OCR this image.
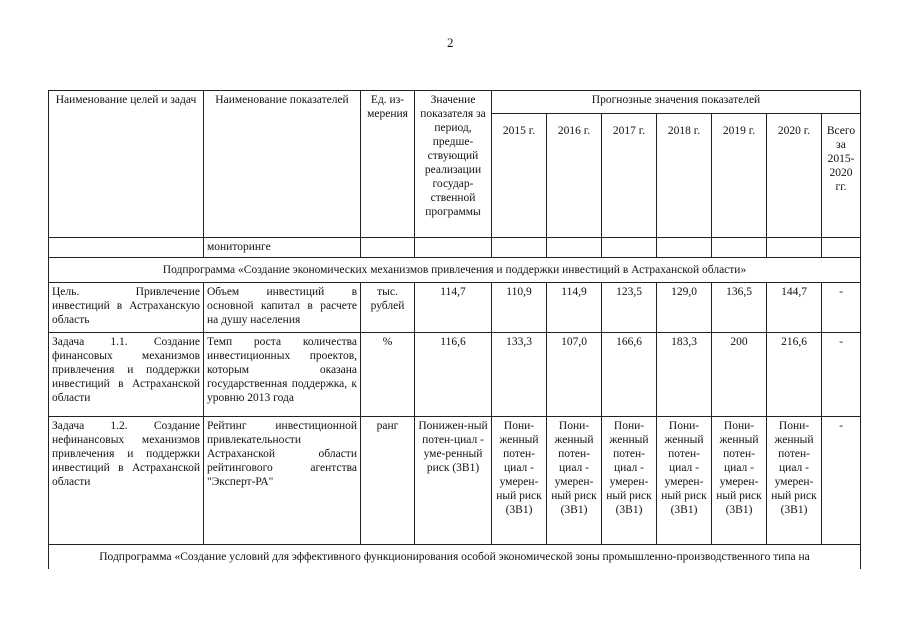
2
Наименование целей и задач	Наименование показателей	Ед. из-мерения	Значение показателя за период, предше-ствующий реализации государ-ственной программы	Прогнозные значения показателей						
				2015 г.	2016 г.	2017 г.	2018 г.	2019 г.	2020 г.	Всего за 2015-2020 гг.
	мониторинге									
Подпрограмма «Создание экономических механизмов привлечения и поддержки инвестиций в Астраханской области»										
Цель. Привлечение инвестиций в Астраханскую область	Объем инвестиций в основной капитал в расчете на душу населения	тыс. рублей	114,7	110,9	114,9	123,5	129,0	136,5	144,7	-
Задача 1.1. Создание финансовых механизмов привлечения и поддержки инвестиций в Астраханской области	Темп роста количества инвестиционных проектов, которым оказана государственная поддержка, к уровню 2013 года	%	116,6	133,3	107,0	166,6	183,3	200	216,6	-
Задача 1.2. Создание нефинансовых механизмов привлечения и поддержки инвестиций в Астраханской области	Рейтинг инвестиционной привлекательности Астраханской области рейтингового агентства "Эксперт-РА"	ранг	Понижен-ный потен-циал - уме-ренный риск (3В1)	Пони-женный потен-циал - умерен-ный риск (3В1)	Пони-женный потен-циал - умерен-ный риск (3В1)	Пони-женный потен-циал - умерен-ный риск (3В1)	Пони-женный потен-циал - умерен-ный риск (3В1)	Пони-женный потен-циал - умерен-ный риск (3В1)	Пони-женный потен-циал - умерен-ный риск (3В1)	-
Подпрограмма «Создание условий для эффективного функционирования особой экономической зоны промышленно-производственного типа на										
